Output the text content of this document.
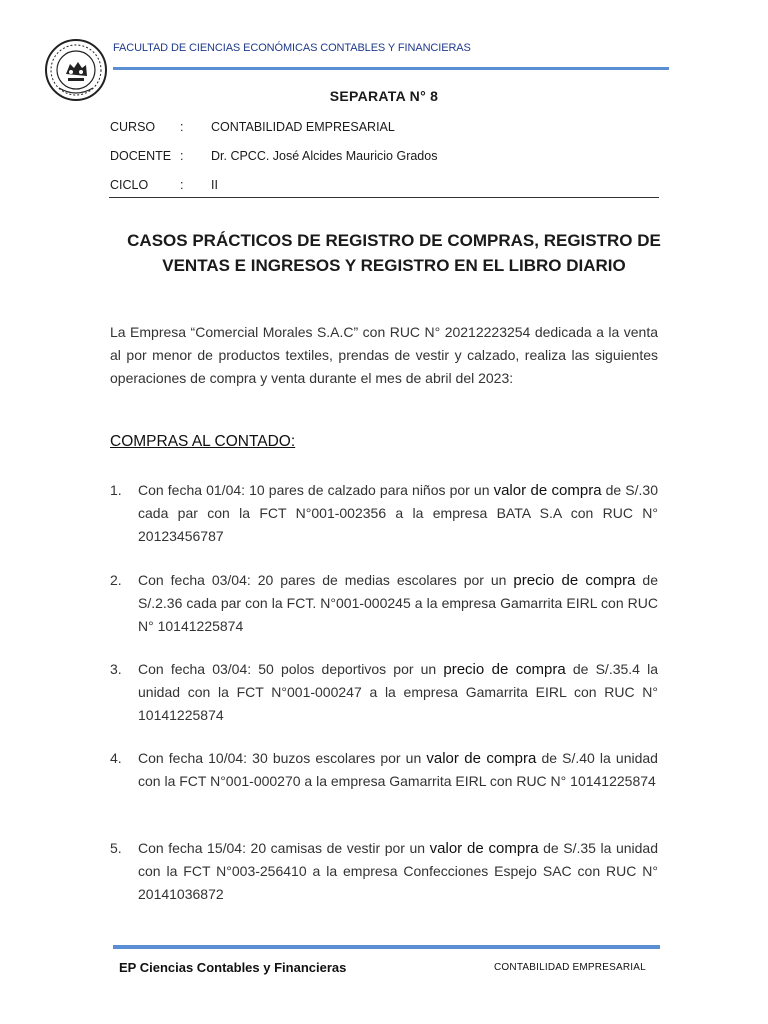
FACULTAD DE CIENCIAS ECONÓMICAS CONTABLES Y FINANCIERAS
SEPARATA N° 8
CURSO : CONTABILIDAD EMPRESARIAL
DOCENTE : Dr. CPCC. José Alcides Mauricio Grados
CICLO	: II
CASOS PRÁCTICOS DE REGISTRO DE COMPRAS, REGISTRO DE
VENTAS E INGRESOS Y REGISTRO EN EL LIBRO DIARIO
La Empresa “Comercial Morales S.A.C” con RUC N° 20212223254 dedicada a la venta al por menor de productos textiles, prendas de vestir y calzado, realiza las siguientes operaciones de compra y venta durante el mes de abril del 2023:
COMPRAS AL CONTADO:
1. Con fecha 01/04: 10 pares de calzado para niños por un valor de compra de S/.30 cada par con la FCT N°001-002356 a la empresa BATA S.A con RUC N° 20123456787
2. Con fecha 03/04: 20 pares de medias escolares por un precio de compra de S/.2.36 cada par con la FCT. N°001-000245 a la empresa Gamarrita EIRL con RUC N° 10141225874
3. Con fecha 03/04: 50 polos deportivos por un precio de compra de S/.35.4 la unidad con la FCT N°001-000247 a la empresa Gamarrita EIRL con RUC N° 10141225874
4. Con fecha 10/04: 30 buzos escolares por un valor de compra de S/.40 la unidad con la FCT N°001-000270 a la empresa Gamarrita EIRL con RUC N° 10141225874
5. Con fecha 15/04: 20 camisas de vestir por un valor de compra de S/.35 la unidad con la FCT N°003-256410 a la empresa Confecciones Espejo SAC con RUC N° 20141036872
EP Ciencias Contables y Financieras	CONTABILIDAD EMPRESARIAL
